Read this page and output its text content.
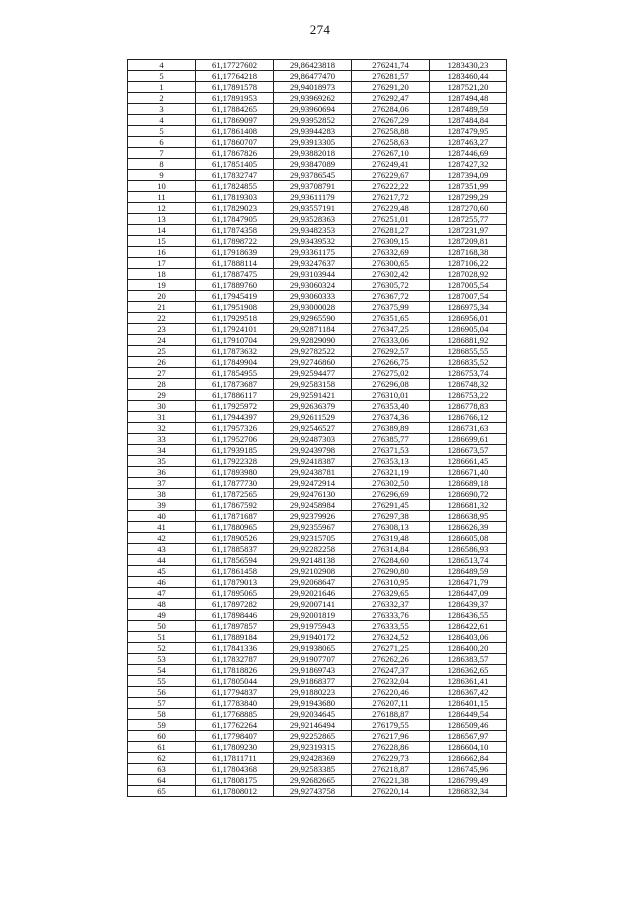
274
4	61,17727602	29,86423818	276241,74	1283430,23
5	61,17764218	29,86477470	276281,57	1283460,44
1	61,17891578	29,94018973	276291,20	1287521,20
2	61,17891953	29,93969262	276292,47	1287494,48
3	61,17884265	29,93960694	276284,06	1287489,59
4	61,17869097	29,93952852	276267,29	1287484,84
5	61,17861408	29,93944283	276258,88	1287479,95
6	61,17860707	29,93913305	276258,63	1287463,27
7	61,17867826	29,93882018	276267,10	1287446,69
8	61,17851405	29,93847089	276249,41	1287427,32
9	61,17832747	29,93786545	276229,67	1287394,09
10	61,17824855	29,93708791	276222,22	1287351,99
11	61,17819303	29,93611179	276217,72	1287299,29
12	61,17829023	29,93557191	276229,48	1287270,60
13	61,17847905	29,93528363	276251,01	1287255,77
14	61,17874358	29,93482353	276281,27	1287231,97
15	61,17898722	29,93439532	276309,15	1287209,81
16	61,17918639	29,93361175	276332,69	1287168,38
17	61,17888114	29,93247637	276300,65	1287106,22
18	61,17887475	29,93103944	276302,42	1287028,92
19	61,17889760	29,93060324	276305,72	1287005,54
20	61,17945419	29,93060333	276367,72	1287007,54
21	61,17951908	29,93000028	276375,99	1286975,34
22	61,17929518	29,92965590	276351,65	1286956,01
23	61,17924101	29,92871184	276347,25	1286905,04
24	61,17910704	29,92829090	276333,06	1286881,92
25	61,17873632	29,92782522	276292,57	1286855,55
26	61,17849904	29,92746860	276266,75	1286835,52
27	61,17854955	29,92594477	276275,02	1286753,74
28	61,17873687	29,92583158	276296,08	1286748,32
29	61,17886117	29,92591421	276310,01	1286753,22
30	61,17925972	29,92636379	276353,40	1286778,83
31	61,17944397	29,92611529	276374,36	1286766,12
32	61,17957326	29,92546527	276389,89	1286731,63
33	61,17952706	29,92487303	276385,77	1286699,61
34	61,17939185	29,92439798	276371,53	1286673,57
35	61,17922328	29,92418387	276353,13	1286661,45
36	61,17893980	29,92438781	276321,19	1286671,40
37	61,17877730	29,92472914	276302,50	1286689,18
38	61,17872565	29,92476130	276296,69	1286690,72
39	61,17867592	29,92458984	276291,45	1286681,32
40	61,17871687	29,92379926	276297,38	1286638,95
41	61,17880965	29,92355967	276308,13	1286626,39
42	61,17890526	29,92315705	276319,48	1286605,08
43	61,17885837	29,92282258	276314,84	1286586,93
44	61,17856594	29,92148138	276284,60	1286513,74
45	61,17861458	29,92102908	276290,80	1286489,59
46	61,17879013	29,92068647	276310,95	1286471,79
47	61,17895065	29,92021646	276329,65	1286447,09
48	61,17897282	29,92007141	276332,37	1286439,37
49	61,17898446	29,92001819	276333,76	1286436,55
50	61,17897857	29,91975943	276333,55	1286422,61
51	61,17889184	29,91940172	276324,52	1286403,06
52	61,17841336	29,91938065	276271,25	1286400,20
53	61,17832787	29,91907707	276262,26	1286383,57
54	61,17818826	29,91869743	276247,37	1286362,65
55	61,17805044	29,91868377	276232,04	1286361,41
56	61,17794837	29,91880223	276220,46	1286367,42
57	61,17783840	29,91943680	276207,11	1286401,15
58	61,17768885	29,92034645	276188,87	1286449,54
59	61,17762264	29,92146494	276179,55	1286509,46
60	61,17798407	29,92252865	276217,96	1286567,97
61	61,17809230	29,92319315	276228,86	1286604,10
62	61,17811711	29,92428369	276229,73	1286662,84
63	61,17804368	29,92583385	276218,87	1286745,96
64	61,17808175	29,92682665	276221,38	1286799,49
65	61,17808012	29,92743758	276220,14	1286832,34
